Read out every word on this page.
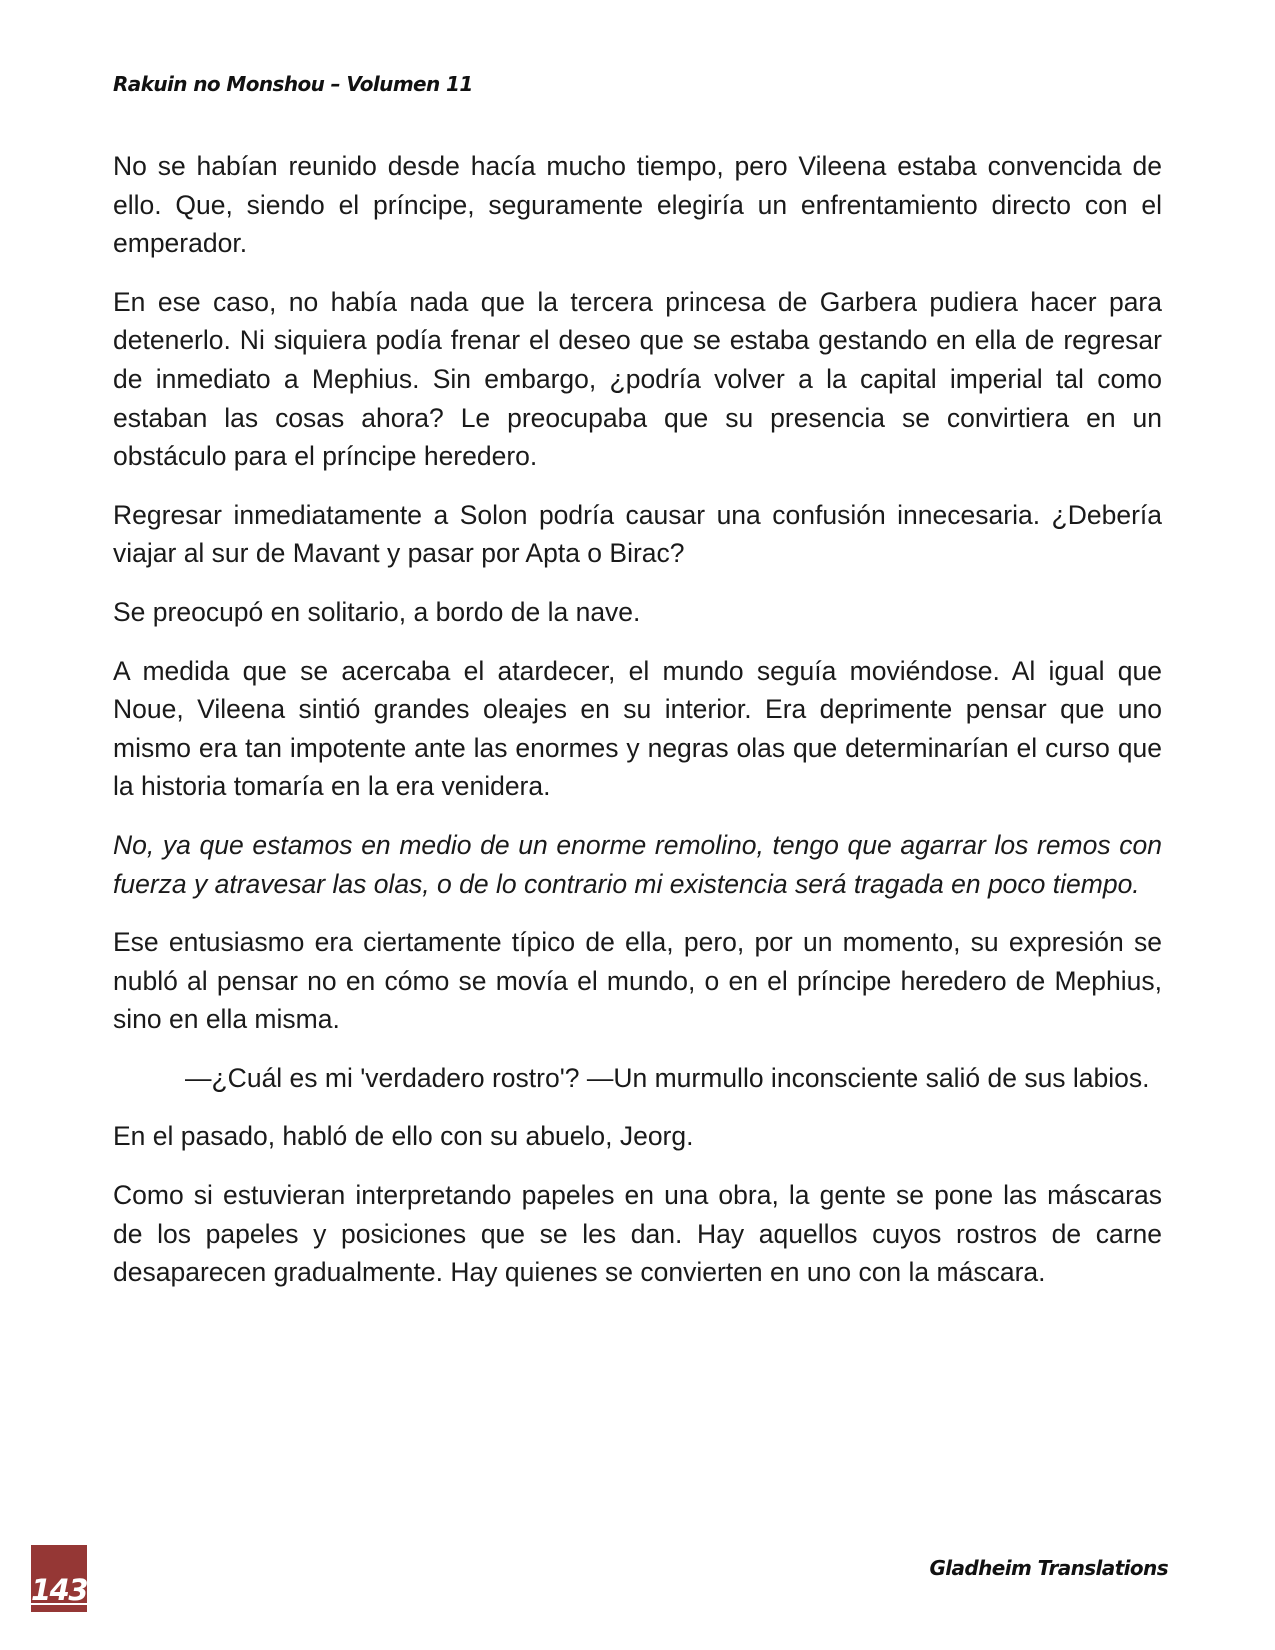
Rakuin no Monshou – Volumen 11

No se habían reunido desde hacía mucho tiempo, pero Vileena estaba convencida de ello. Que, siendo el príncipe, seguramente elegiría un enfrentamiento directo con el emperador.

En ese caso, no había nada que la tercera princesa de Garbera pudiera hacer para detenerlo. Ni siquiera podía frenar el deseo que se estaba gestando en ella de regresar de inmediato a Mephius. Sin embargo, ¿podría volver a la capital imperial tal como estaban las cosas ahora? Le preocupaba que su presencia se convirtiera en un obstáculo para el príncipe heredero.

Regresar inmediatamente a Solon podría causar una confusión innecesaria. ¿Debería viajar al sur de Mavant y pasar por Apta o Birac?

Se preocupó en solitario, a bordo de la nave.

A medida que se acercaba el atardecer, el mundo seguía moviéndose. Al igual que Noue, Vileena sintió grandes oleajes en su interior. Era deprimente pensar que uno mismo era tan impotente ante las enormes y negras olas que determinarían el curso que la historia tomaría en la era venidera.

No, ya que estamos en medio de un enorme remolino, tengo que agarrar los remos con fuerza y atravesar las olas, o de lo contrario mi existencia será tragada en poco tiempo.

Ese entusiasmo era ciertamente típico de ella, pero, por un momento, su expresión se nubló al pensar no en cómo se movía el mundo, o en el príncipe heredero de Mephius, sino en ella misma.

—¿Cuál es mi 'verdadero rostro'? —Un murmullo inconsciente salió de sus labios.

En el pasado, habló de ello con su abuelo, Jeorg.

Como si estuvieran interpretando papeles en una obra, la gente se pone las máscaras de los papeles y posiciones que se les dan. Hay aquellos cuyos rostros de carne desaparecen gradualmente. Hay quienes se convierten en uno con la máscara.

143
Gladheim Translations
